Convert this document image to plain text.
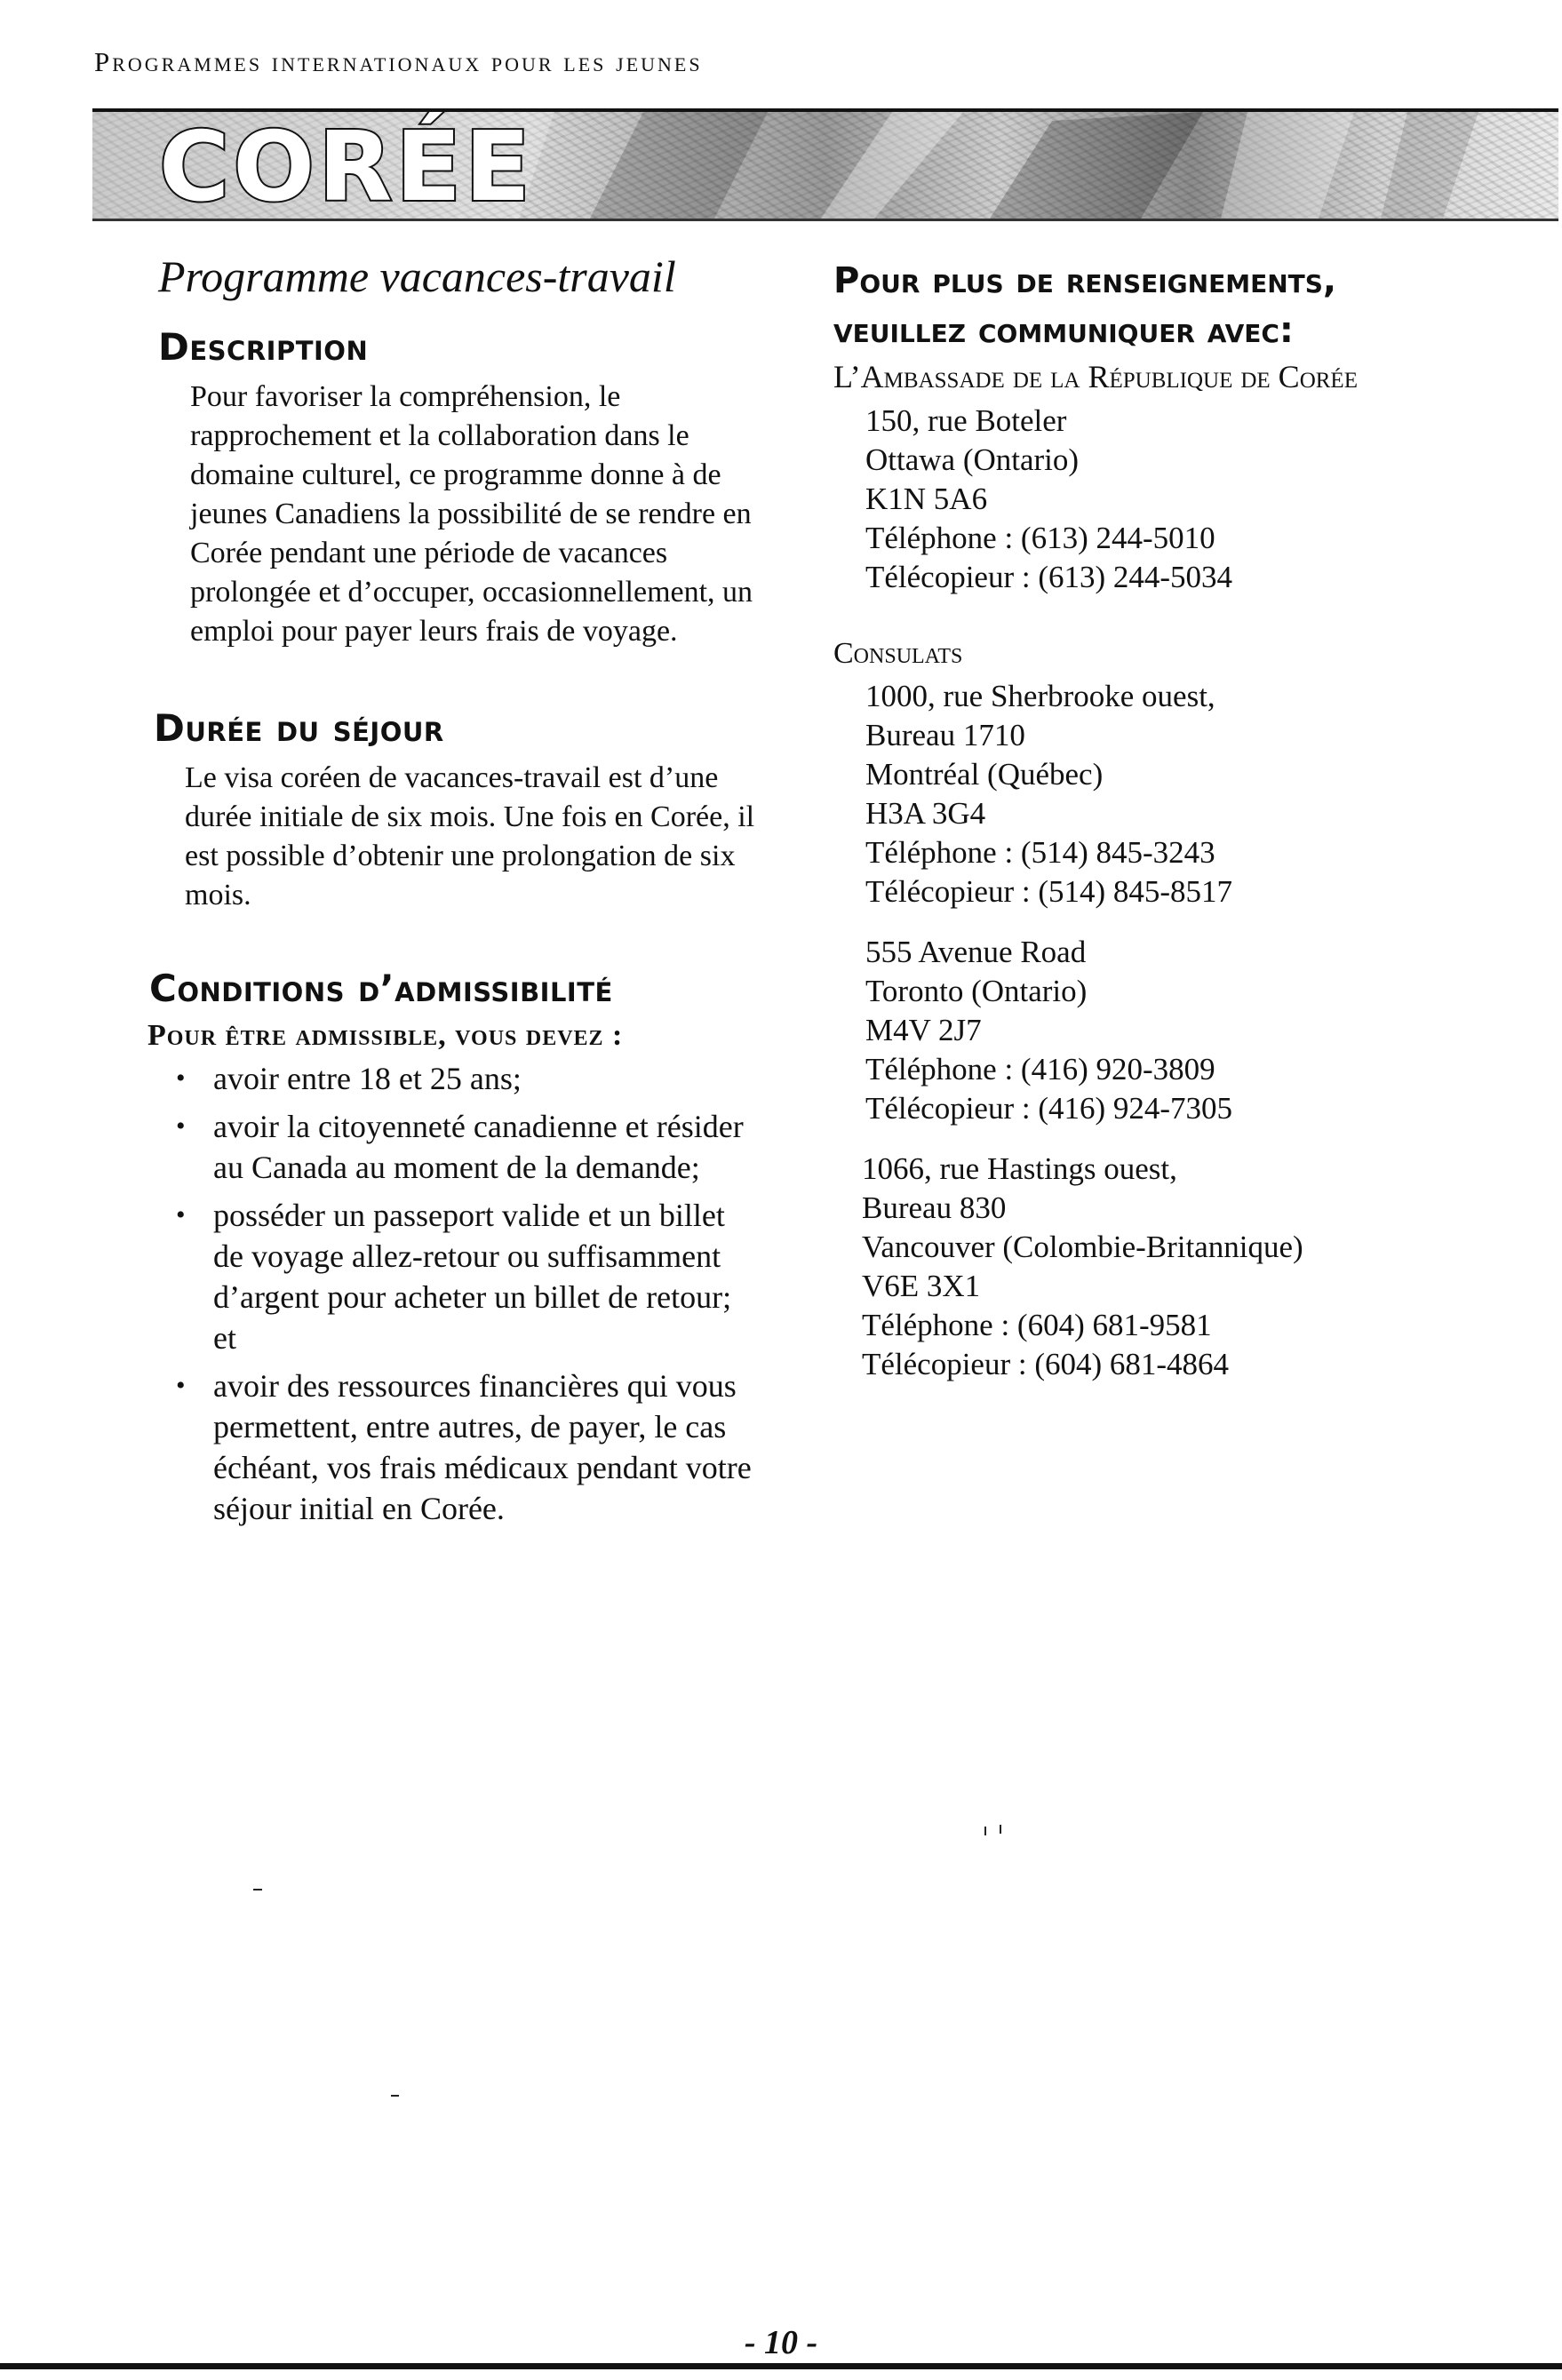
Programmes internationaux pour les jeunes
CORÉE
Programme vacances-travail
Description

Pour favoriser la compréhension, le rapprochement et la collaboration dans le domaine culturel, ce programme donne à de jeunes Canadiens la possibilité de se rendre en Corée pendant une période de vacances prolongée et d’occuper, occasionnellement, un emploi pour payer leurs frais de voyage.

Durée du séjour

Le visa coréen de vacances-travail est d’une durée initiale de six mois. Une fois en Corée, il est possible d’obtenir une prolongation de six mois.

Conditions d’admissibilité
Pour être admissible, vous devez :
• avoir entre 18 et 25 ans;
• avoir la citoyenneté canadienne et résider au Canada au moment de la demande;
• posséder un passeport valide et un billet de voyage allez-retour ou suffisamment d’argent pour acheter un billet de retour; et
• avoir des ressources financières qui vous permettent, entre autres, de payer, le cas échéant, vos frais médicaux pendant votre séjour initial en Corée.
Pour plus de renseignements,
veuillez communiquer avec:
L’Ambassade de la République de Corée
150, rue Boteler
Ottawa (Ontario)
K1N 5A6
Téléphone : (613) 244-5010
Télécopieur : (613) 244-5034
Consulats
1000, rue Sherbrooke ouest,
Bureau 1710
Montréal (Québec)
H3A 3G4
Téléphone : (514) 845-3243
Télécopieur : (514) 845-8517
555 Avenue Road
Toronto (Ontario)
M4V 2J7
Téléphone : (416) 920-3809
Télécopieur : (416) 924-7305
1066, rue Hastings ouest,
Bureau 830
Vancouver (Colombie-Britannique)
V6E 3X1
Téléphone : (604) 681-9581
Télécopieur : (604) 681-4864
- 10 -
